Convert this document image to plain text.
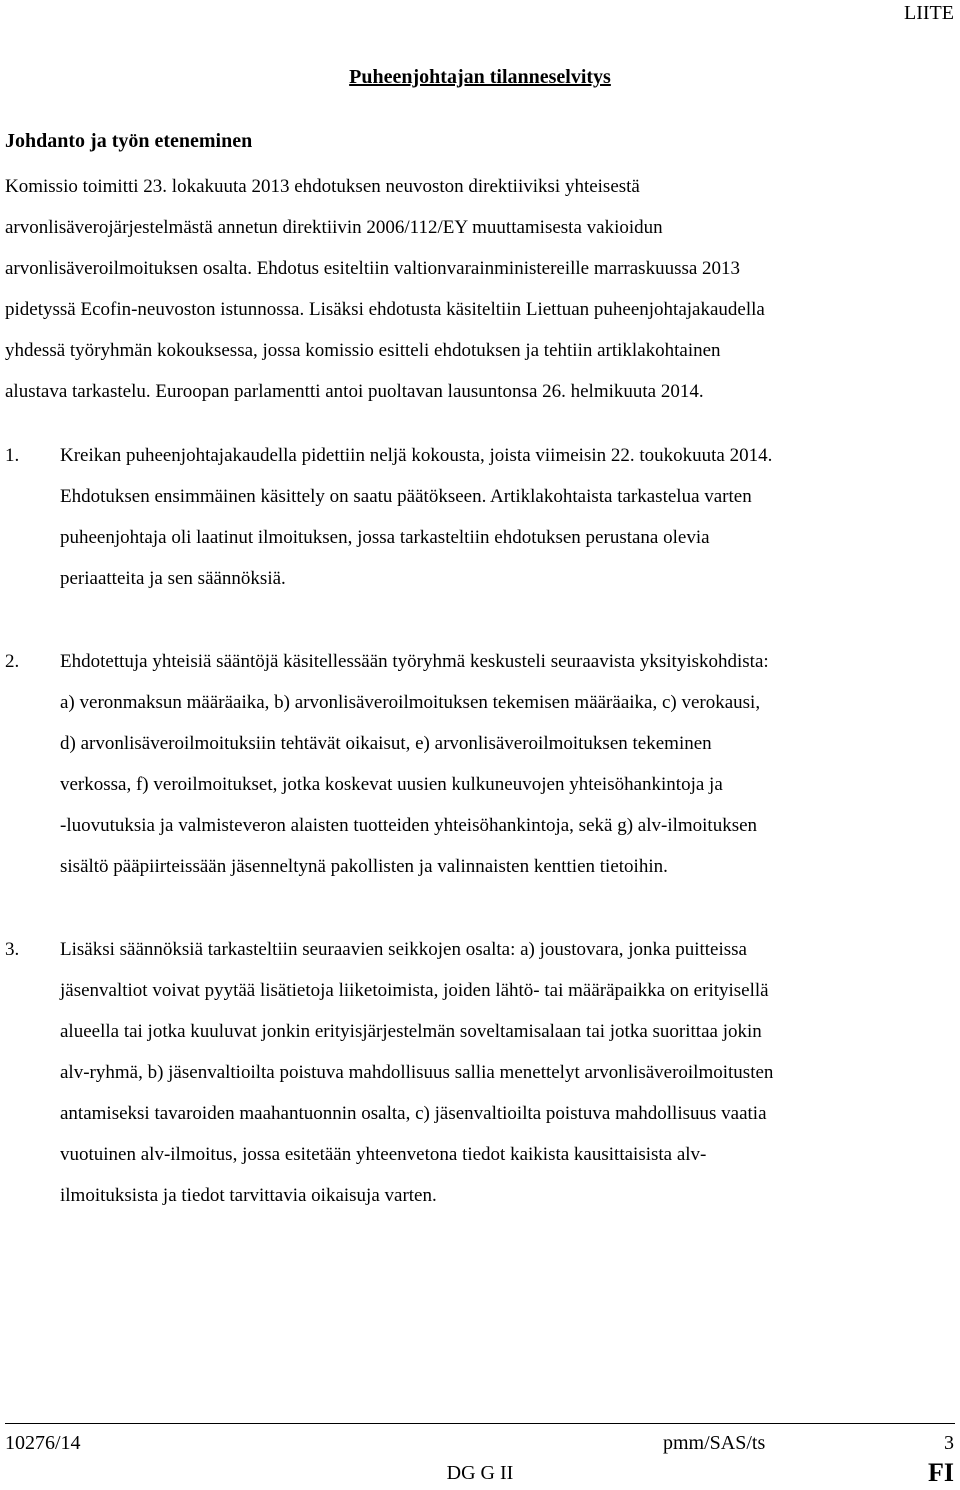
LIITE
Puheenjohtajan tilanneselvitys
Johdanto ja työn eteneminen
Komissio toimitti 23. lokakuuta 2013 ehdotuksen neuvoston direktiiviksi yhteisestä
arvonlisäverojärjestelmästä annetun direktiivin 2006/112/EY muuttamisesta vakioidun
arvonlisäveroilmoituksen osalta. Ehdotus esiteltiin valtionvarainministereille marraskuussa 2013
pidetyssä Ecofin-neuvoston istunnossa. Lisäksi ehdotusta käsiteltiin Liettuan puheenjohtajakaudella
yhdessä työryhmän kokouksessa, jossa komissio esitteli ehdotuksen ja tehtiin artiklakohtainen
alustava tarkastelu. Euroopan parlamentti antoi puoltavan lausuntonsa 26. helmikuuta 2014.
1.	Kreikan puheenjohtajakaudella pidettiin neljä kokousta, joista viimeisin 22. toukokuuta 2014.
Ehdotuksen ensimmäinen käsittely on saatu päätökseen. Artiklakohtaista tarkastelua varten
puheenjohtaja oli laatinut ilmoituksen, jossa tarkasteltiin ehdotuksen perustana olevia
periaatteita ja sen säännöksiä.
2.	Ehdotettuja yhteisiä sääntöjä käsitellessään työryhmä keskusteli seuraavista yksityiskohdista:
a) veronmaksun määräaika, b) arvonlisäveroilmoituksen tekemisen määräaika, c) verokausi,
d) arvonlisäveroilmoituksiin tehtävät oikaisut, e) arvonlisäveroilmoituksen tekeminen
verkossa, f) veroilmoitukset, jotka koskevat uusien kulkuneuvojen yhteisöhankintoja ja
-luovutuksia ja valmisteveron alaisten tuotteiden yhteisöhankintoja, sekä g) alv-ilmoituksen
sisältö pääpiirteissään jäsenneltynä pakollisten ja valinnaisten kenttien tietoihin.
3.	Lisäksi säännöksiä tarkasteltiin seuraavien seikkojen osalta: a) joustovara, jonka puitteissa
jäsenvaltiot voivat pyytää lisätietoja liiketoimista, joiden lähtö- tai määräpaikka on erityisellä
alueella tai jotka kuuluvat jonkin erityisjärjestelmän soveltamisalaan tai jotka suorittaa jokin
alv-ryhmä, b) jäsenvaltioilta poistuva mahdollisuus sallia menettelyt arvonlisäveroilmoitusten
antamiseksi tavaroiden maahantuonnin osalta, c) jäsenvaltioilta poistuva mahdollisuus vaatia
vuotuinen alv-ilmoitus, jossa esitetään yhteenvetona tiedot kaikista kausittaisista alv-
ilmoituksista ja tiedot tarvittavia oikaisuja varten.
10276/14	pmm/SAS/ts	3
DG G II	FI
